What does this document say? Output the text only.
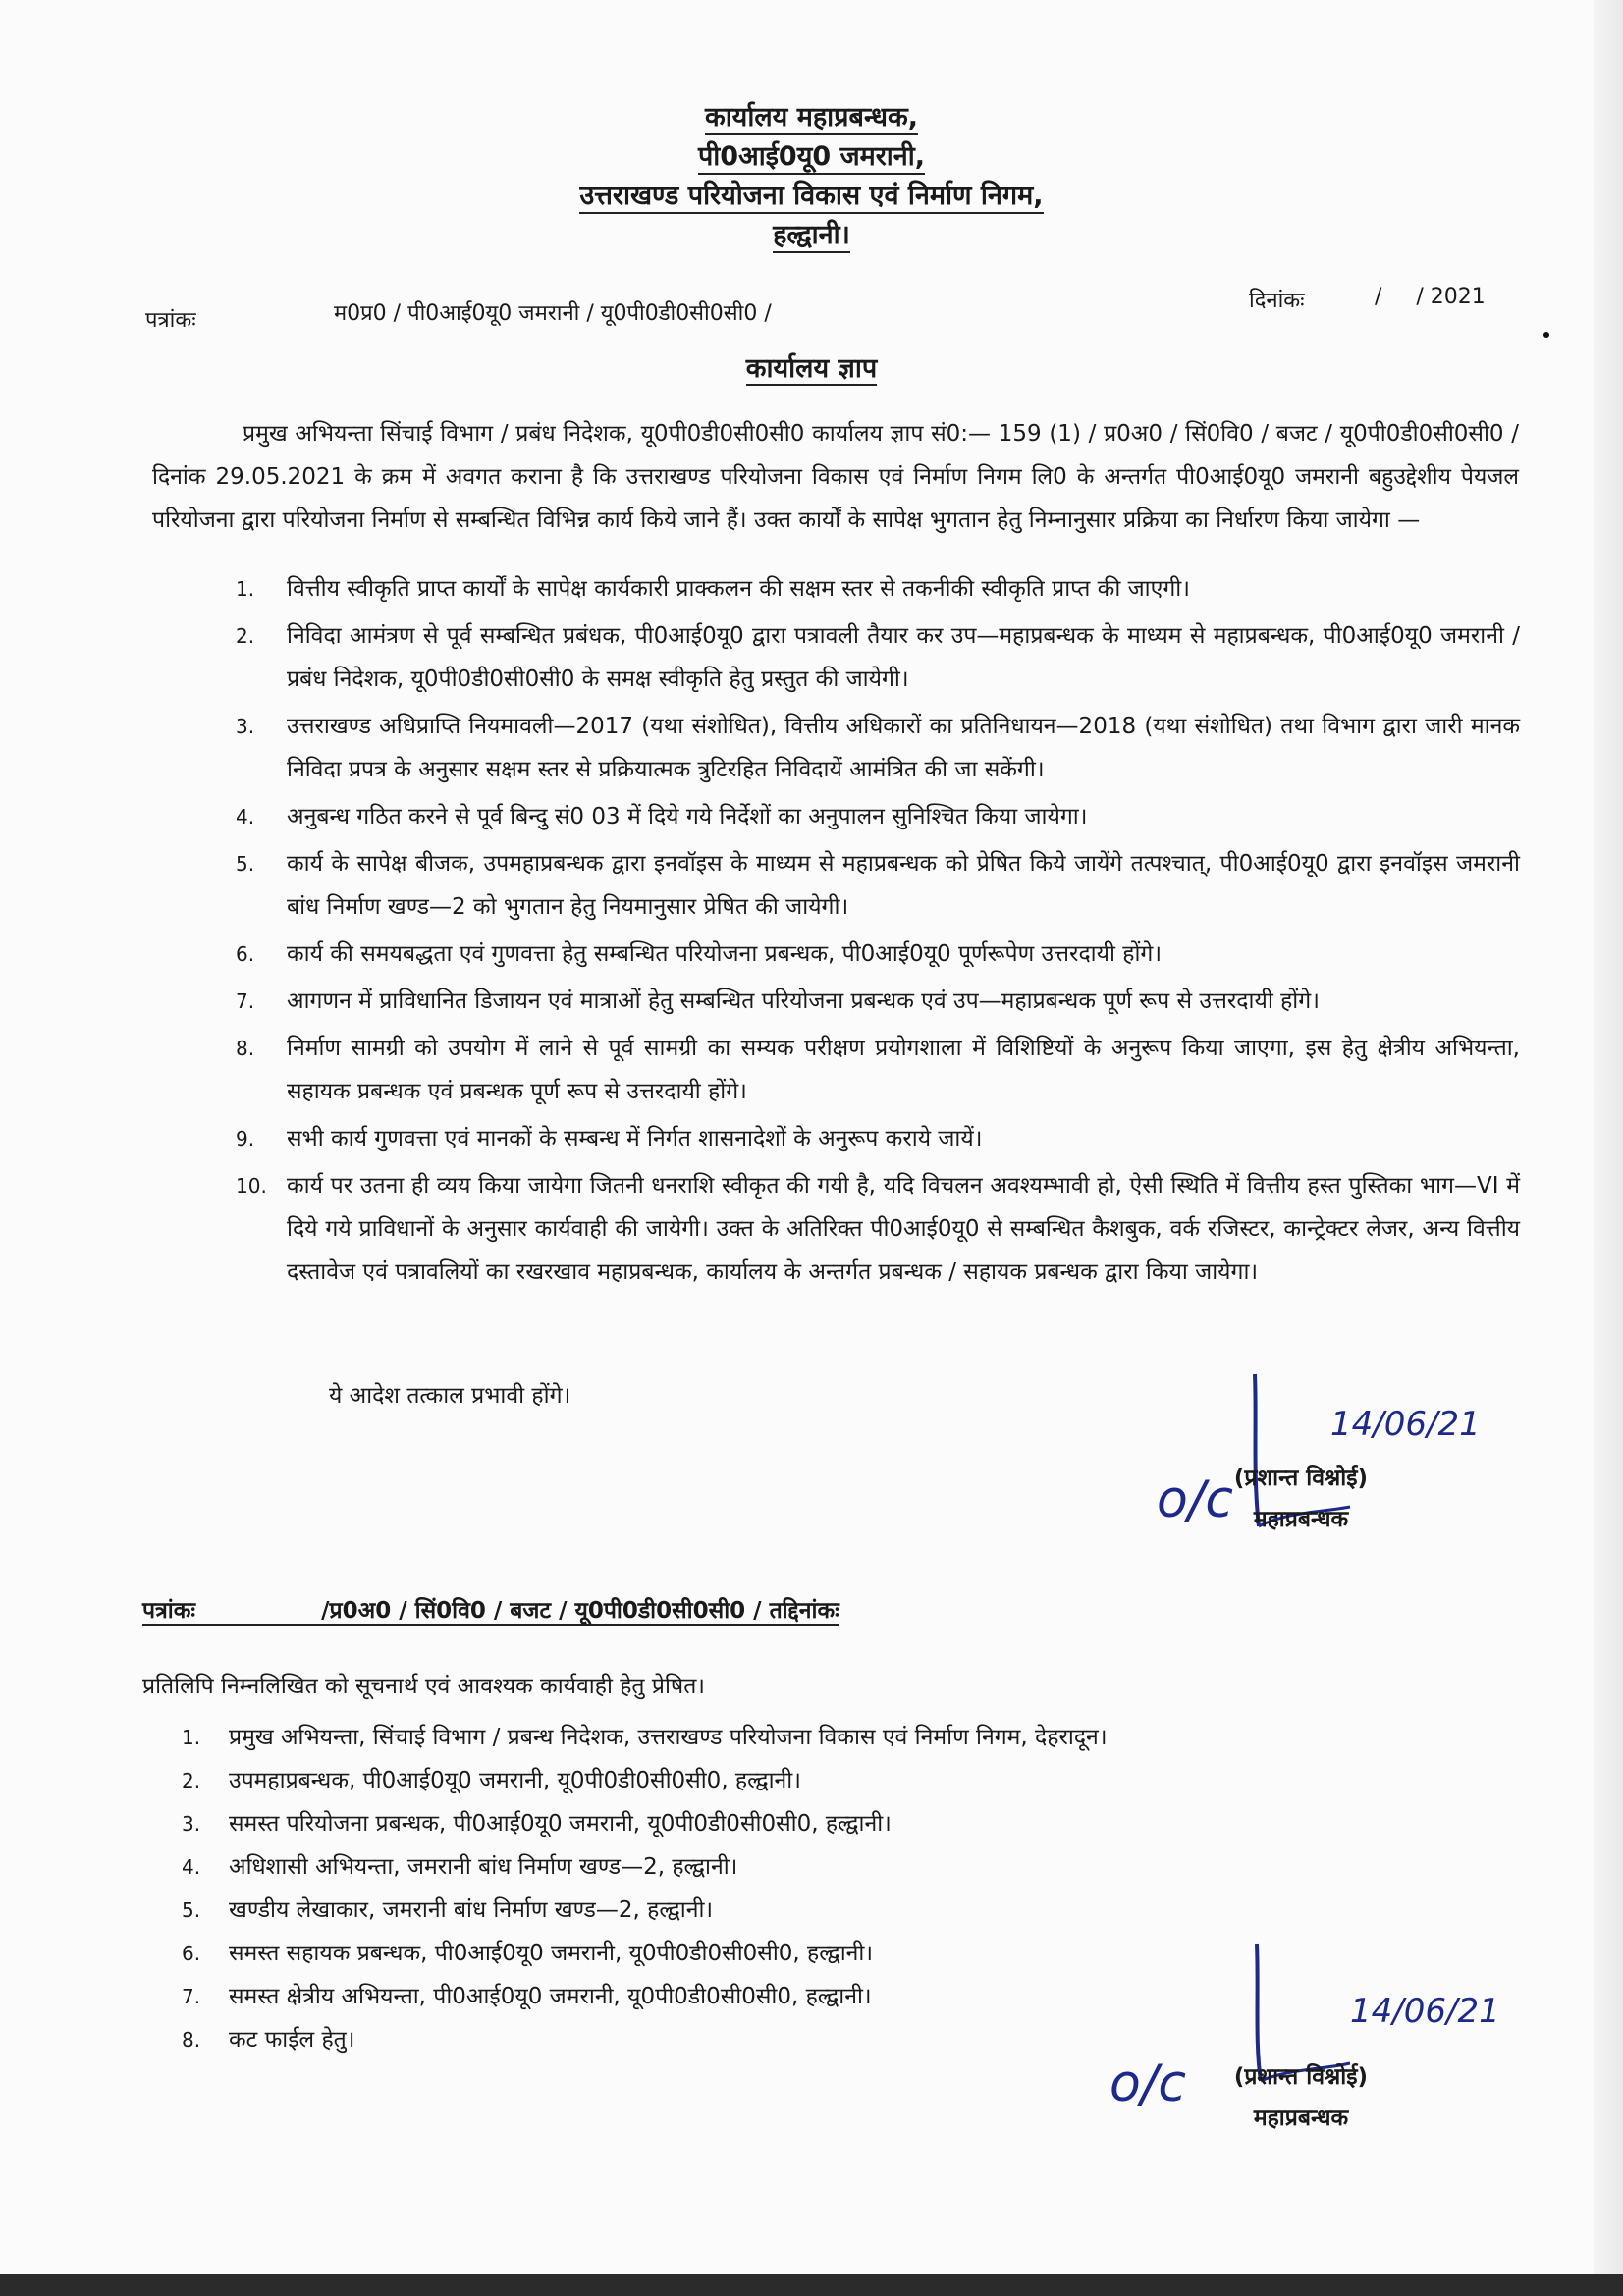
कार्यालय महाप्रबन्धक,
पी0आई0यू0 जमरानी,
उत्तराखण्ड परियोजना विकास एवं निर्माण निगम,
हल्द्वानी।
पत्रांकः	म0प्र0 / पी0आई0यू0 जमरानी / यू0पी0डी0सी0सी0 /
दिनांकः	/     / 2021
कार्यालय ज्ञाप
प्रमुख अभियन्ता सिंचाई विभाग / प्रबंध निदेशक, यू0पी0डी0सी0सी0 कार्यालय ज्ञाप सं0:— 159 (1) / प्र0अ0 / सिं0वि0 / बजट / यू0पी0डी0सी0सी0 / दिनांक 29.05.2021 के क्रम में अवगत कराना है कि उत्तराखण्ड परियोजना विकास एवं निर्माण निगम लि0 के अन्तर्गत पी0आई0यू0 जमरानी बहुउद्देशीय पेयजल परियोजना द्वारा परियोजना निर्माण से सम्बन्धित विभिन्न कार्य किये जाने हैं। उक्त कार्यों के सापेक्ष भुगतान हेतु निम्नानुसार प्रक्रिया का निर्धारण किया जायेगा —
1. वित्तीय स्वीकृति प्राप्त कार्यों के सापेक्ष कार्यकारी प्राक्कलन की सक्षम स्तर से तकनीकी स्वीकृति प्राप्त की जाएगी।
2. निविदा आमंत्रण से पूर्व सम्बन्धित प्रबंधक, पी0आई0यू0 द्वारा पत्रावली तैयार कर उप—महाप्रबन्धक के माध्यम से महाप्रबन्धक, पी0आई0यू0 जमरानी / प्रबंध निदेशक, यू0पी0डी0सी0सी0 के समक्ष स्वीकृति हेतु प्रस्तुत की जायेगी।
3. उत्तराखण्ड अधिप्राप्ति नियमावली—2017 (यथा संशोधित), वित्तीय अधिकारों का प्रतिनिधायन—2018 (यथा संशोधित) तथा विभाग द्वारा जारी मानक निविदा प्रपत्र के अनुसार सक्षम स्तर से प्रक्रियात्मक त्रुटिरहित निविदायें आमंत्रित की जा सकेंगी।
4. अनुबन्ध गठित करने से पूर्व बिन्दु सं0 03 में दिये गये निर्देशों का अनुपालन सुनिश्चित किया जायेगा।
5. कार्य के सापेक्ष बीजक, उपमहाप्रबन्धक द्वारा इनवॉइस के माध्यम से महाप्रबन्धक को प्रेषित किये जायेंगे तत्पश्चात्, पी0आई0यू0 द्वारा इनवॉइस जमरानी बांध निर्माण खण्ड—2 को भुगतान हेतु नियमानुसार प्रेषित की जायेगी।
6. कार्य की समयबद्धता एवं गुणवत्ता हेतु सम्बन्धित परियोजना प्रबन्धक, पी0आई0यू0 पूर्णरूपेण उत्तरदायी होंगे।
7. आगणन में प्राविधानित डिजायन एवं मात्राओं हेतु सम्बन्धित परियोजना प्रबन्धक एवं उप—महाप्रबन्धक पूर्ण रूप से उत्तरदायी होंगे।
8. निर्माण सामग्री को उपयोग में लाने से पूर्व सामग्री का सम्यक परीक्षण प्रयोगशाला में विशिष्टियों के अनुरूप किया जाएगा, इस हेतु क्षेत्रीय अभियन्ता, सहायक प्रबन्धक एवं प्रबन्धक पूर्ण रूप से उत्तरदायी होंगे।
9. सभी कार्य गुणवत्ता एवं मानकों के सम्बन्ध में निर्गत शासनादेशों के अनुरूप कराये जायें।
10. कार्य पर उतना ही व्यय किया जायेगा जितनी धनराशि स्वीकृत की गयी है, यदि विचलन अवश्यम्भावी हो, ऐसी स्थिति में वित्तीय हस्त पुस्तिका भाग—VI में दिये गये प्राविधानों के अनुसार कार्यवाही की जायेगी। उक्त के अतिरिक्त पी0आई0यू0 से सम्बन्धित कैशबुक, वर्क रजिस्टर, कान्ट्रेक्टर लेजर, अन्य वित्तीय दस्तावेज एवं पत्रावलियों का रखरखाव महाप्रबन्धक, कार्यालय के अन्तर्गत प्रबन्धक / सहायक प्रबन्धक द्वारा किया जायेगा।
ये आदेश तत्काल प्रभावी होंगे।
14/06/21
o/c (प्रशान्त विश्नोई)
महाप्रबन्धक
पत्रांकः                /प्र0अ0 / सिं0वि0 / बजट / यू0पी0डी0सी0सी0 / तद्दिनांकः
प्रतिलिपि निम्नलिखित को सूचनार्थ एवं आवश्यक कार्यवाही हेतु प्रेषित।
1. प्रमुख अभियन्ता, सिंचाई विभाग / प्रबन्ध निदेशक, उत्तराखण्ड परियोजना विकास एवं निर्माण निगम, देहरादून।
2. उपमहाप्रबन्धक, पी0आई0यू0 जमरानी, यू0पी0डी0सी0सी0, हल्द्वानी।
3. समस्त परियोजना प्रबन्धक, पी0आई0यू0 जमरानी, यू0पी0डी0सी0सी0, हल्द्वानी।
4. अधिशासी अभियन्ता, जमरानी बांध निर्माण खण्ड—2, हल्द्वानी।
5. खण्डीय लेखाकार, जमरानी बांध निर्माण खण्ड—2, हल्द्वानी।
6. समस्त सहायक प्रबन्धक, पी0आई0यू0 जमरानी, यू0पी0डी0सी0सी0, हल्द्वानी।
7. समस्त क्षेत्रीय अभियन्ता, पी0आई0यू0 जमरानी, यू0पी0डी0सी0सी0, हल्द्वानी।
8. कट फाईल हेतु।
14/06/21
o/c	(प्रशान्त विश्नोई)
महाप्रबन्धक
